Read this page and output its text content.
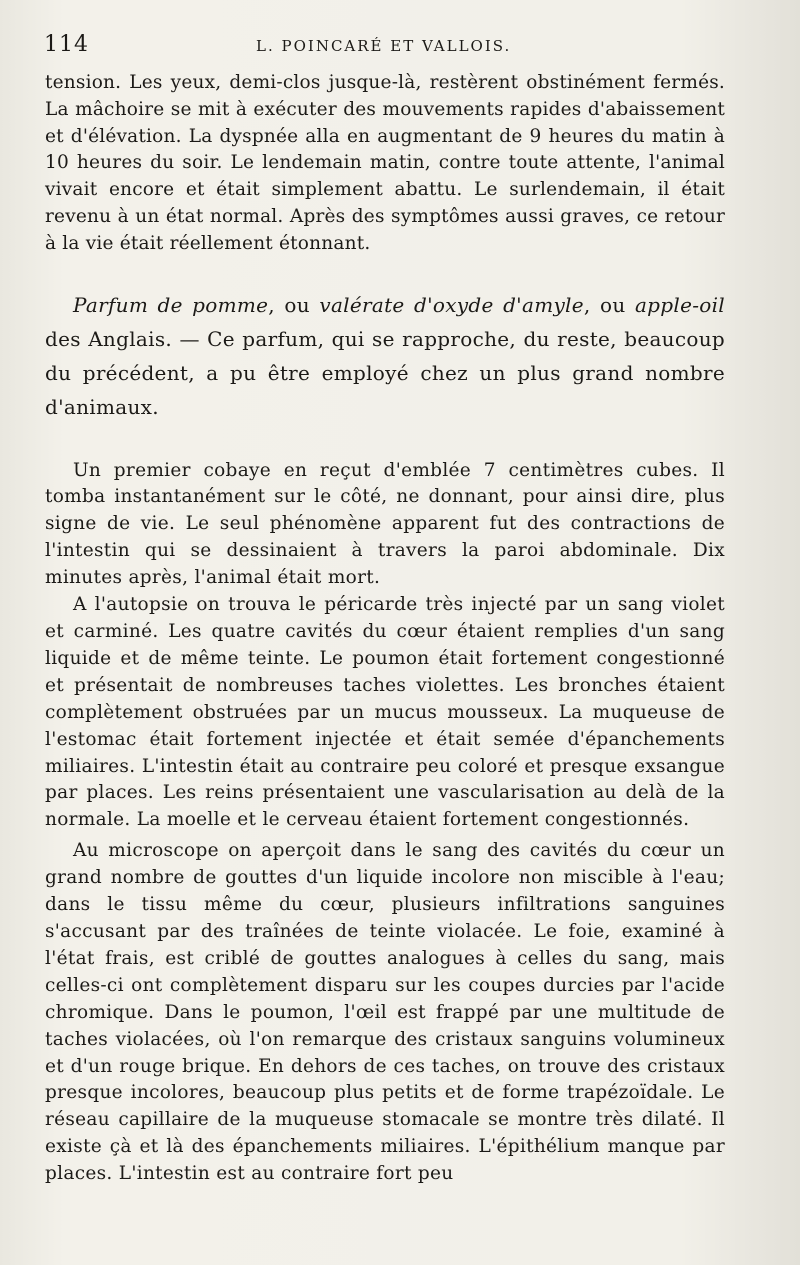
114	L. POINCARÉ ET VALLOIS.

tension. Les yeux, demi-clos jusque-là, restèrent obstinément fermés. La mâchoire se mit à exécuter des mouvements rapides d'abaissement et d'élévation. La dyspnée alla en augmentant de 9 heures du matin à 10 heures du soir. Le lendemain matin, contre toute attente, l'animal vivait encore et était simplement abattu. Le surlendemain, il était revenu à un état normal. Après des symptômes aussi graves, ce retour à la vie était réellement étonnant.

Parfum de pomme, ou valérate d'oxyde d'amyle, ou apple-oil des Anglais. — Ce parfum, qui se rapproche, du reste, beaucoup du précédent, a pu être employé chez un plus grand nombre d'animaux.

Un premier cobaye en reçut d'emblée 7 centimètres cubes. Il tomba instantanément sur le côté, ne donnant, pour ainsi dire, plus signe de vie. Le seul phénomène apparent fut des contractions de l'intestin qui se dessinaient à travers la paroi abdominale. Dix minutes après, l'animal était mort.

A l'autopsie on trouva le péricarde très injecté par un sang violet et carminé. Les quatre cavités du cœur étaient remplies d'un sang liquide et de même teinte. Le poumon était fortement congestionné et présentait de nombreuses taches violettes. Les bronches étaient complètement obstruées par un mucus mousseux. La muqueuse de l'estomac était fortement injectée et était semée d'épanchements miliaires. L'intestin était au contraire peu coloré et presque exsangue par places. Les reins présentaient une vascularisation au delà de la normale. La moelle et le cerveau étaient fortement congestionnés.

Au microscope on aperçoit dans le sang des cavités du cœur un grand nombre de gouttes d'un liquide incolore non miscible à l'eau; dans le tissu même du cœur, plusieurs infiltrations sanguines s'accusant par des traînées de teinte violacée. Le foie, examiné à l'état frais, est criblé de gouttes analogues à celles du sang, mais celles-ci ont complètement disparu sur les coupes durcies par l'acide chromique. Dans le poumon, l'œil est frappé par une multitude de taches violacées, où l'on remarque des cristaux sanguins volumineux et d'un rouge brique. En dehors de ces taches, on trouve des cristaux presque incolores, beaucoup plus petits et de forme trapézoïdale. Le réseau capillaire de la muqueuse stomacale se montre très dilaté. Il existe çà et là des épanchements miliaires. L'épithélium manque par places. L'intestin est au contraire fort peu
